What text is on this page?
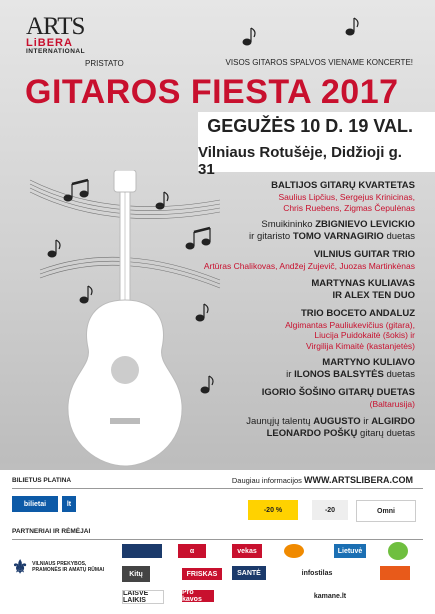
ARTS
LiBERA
INTERNATIONAL
PRISTATO	VISOS GITAROS SPALVOS VIENAME KONCERTE!
GITAROS FIESTA 2017
GEGUŽĖS 10 D. 19 VAL.
Vilniaus Rotušėje, Didžioji g. 31
BALTIJOS GITARŲ KVARTETAS
Saulius Lipčius, Sergejus Krinicinas,
Chris Ruebens, Zigmas Čepulėnas
Smuikininko ZBIGNIEVO LEVICKIO
ir gitaristo TOMO VARNAGIRIO duetas
VILNIUS GUITAR TRIO
Artūras Chalikovas, Andžej Zujevič, Juozas Martinkėnas
MARTYNAS KULIAVAS
IR ALEX TEN DUO
TRIO BOCETO ANDALUZ
Algimantas Pauliukevičius (gitara),
Liucija Puidokaitė (šokis) ir
Virgilija Kimaitė (kastanjetės)
MARTYNO KULIAVO
ir ILONOS BALSYTĖS duetas
IGORIO ŠOŠINO GITARŲ DUETAS
(Baltarusija)
Jaunųjų talentų AUGUSTO ir ALGIRDO
LEONARDO POŠKŲ gitarų duetas
BILIETUS PLATINA	Daugiau informacijos WWW.ARTSLIBERA.COM
bilietai	lt
-20 %	-20	Omni
PARTNERIAI IR RĖMĖJAI
⚜ VILNIAUS PREKYBOS, PRAMONĖS IR AMATŲ RŪMAI
α	vekas	Lietuvė
Kitų	FRISKAS	SANTĖ	infostilas
LAISVĖ LAIKIS
Pro kavos	kamane.lt
